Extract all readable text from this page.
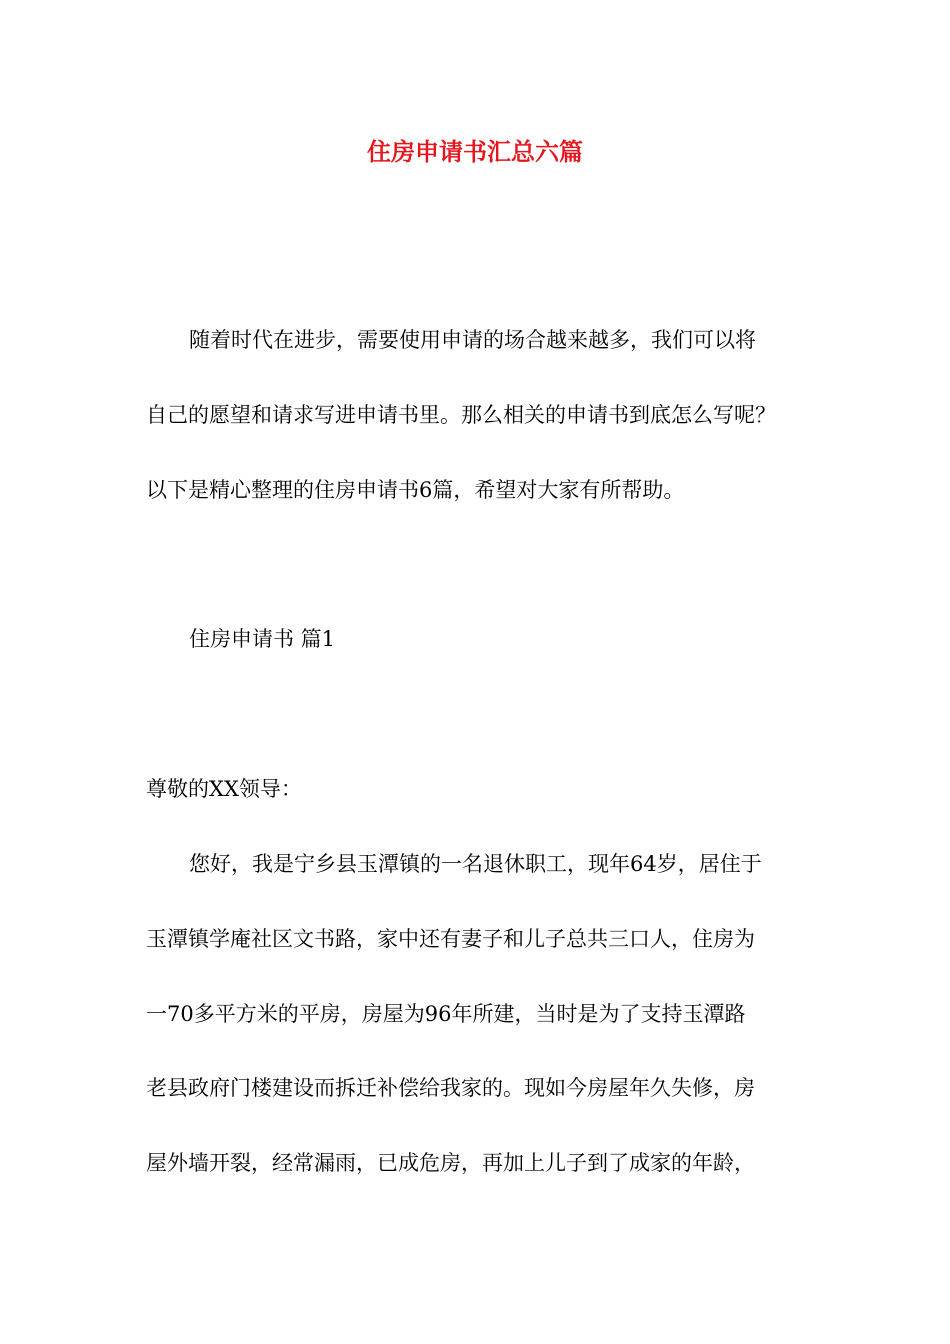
住房申请书汇总六篇

随着时代在进步，需要使用申请的场合越来越多，我们可以将

自己的愿望和请求写进申请书里。那么相关的申请书到底怎么写呢？

以下是精心整理的住房申请书6篇，希望对大家有所帮助。

住房申请书 篇1

尊敬的XX领导：

您好，我是宁乡县玉潭镇的一名退休职工，现年64岁，居住于

玉潭镇学庵社区文书路，家中还有妻子和儿子总共三口人，住房为

一70多平方米的平房，房屋为96年所建，当时是为了支持玉潭路

老县政府门楼建设而拆迁补偿给我家的。现如今房屋年久失修，房

屋外墙开裂，经常漏雨，已成危房，再加上儿子到了成家的年龄，
